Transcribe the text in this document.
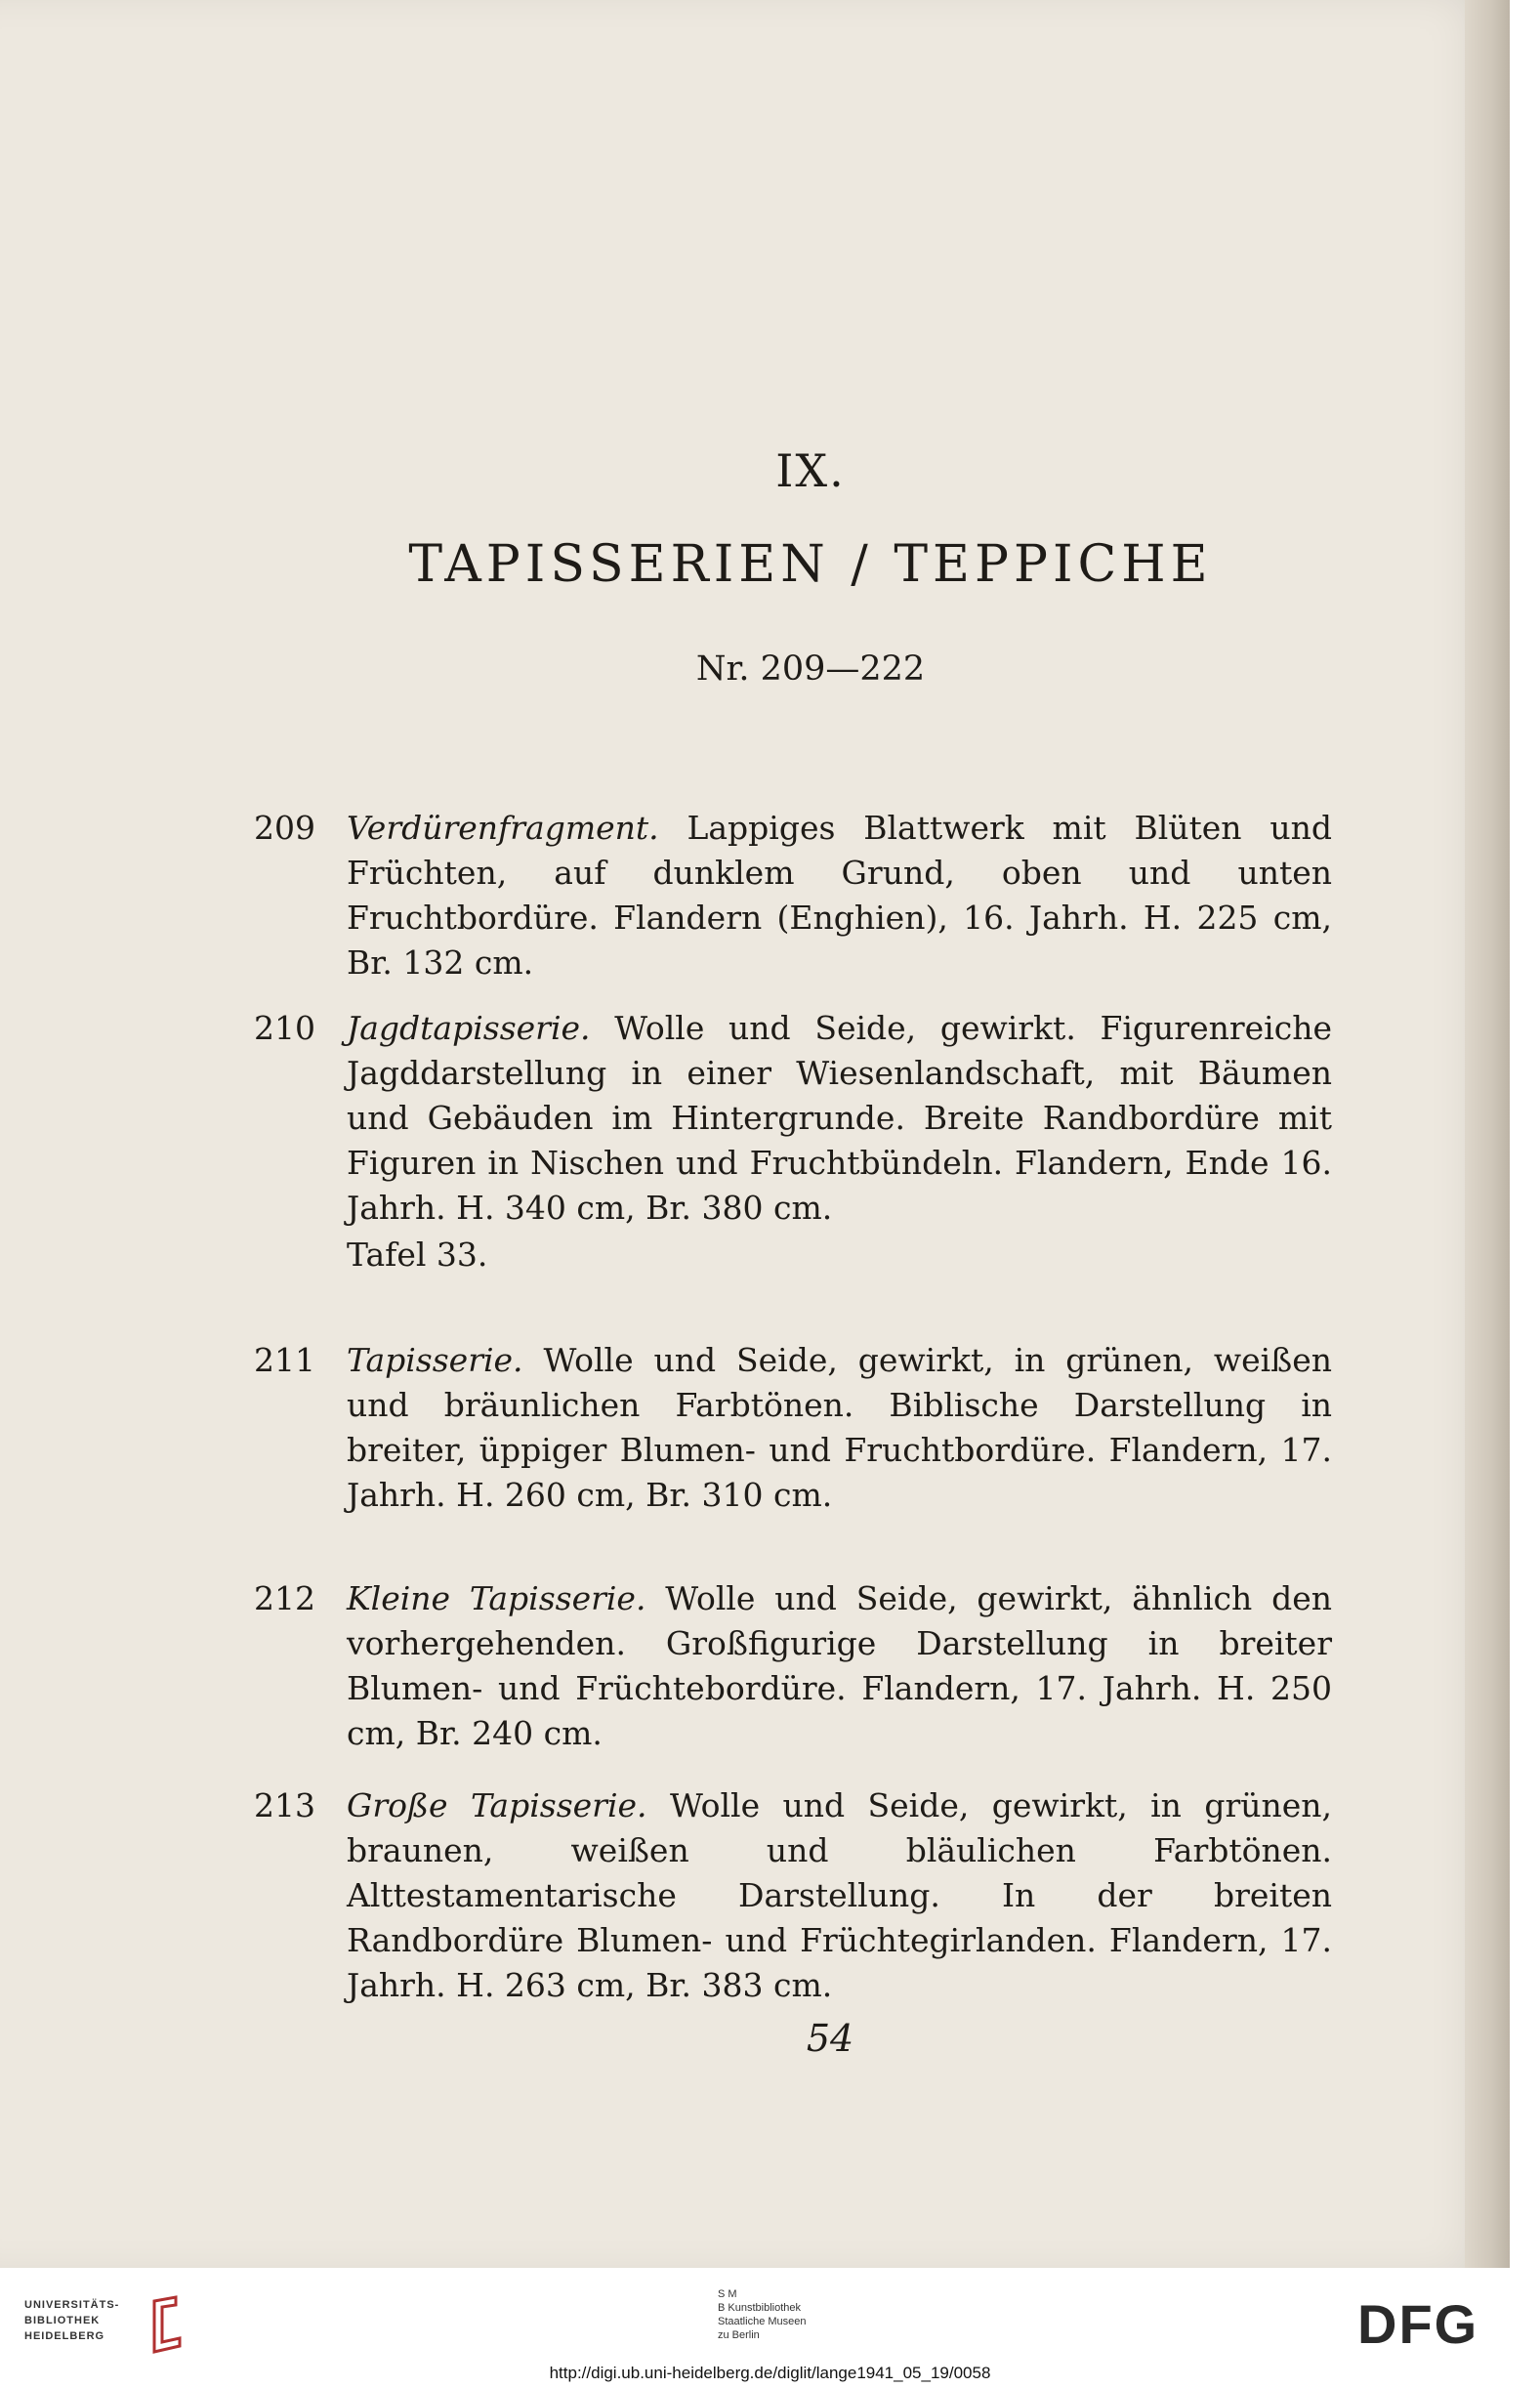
IX.
TAPISSERIEN / TEPPICHE
Nr. 209—222
209 Verdürenfragment. Lappiges Blattwerk mit Blüten und Früchten, auf dunklem Grund, oben und unten Fruchtbordüre. Flandern (Enghien), 16. Jahrh. H. 225 cm, Br. 132 cm.
210 Jagdtapisserie. Wolle und Seide, gewirkt. Figurenreiche Jagddarstellung in einer Wiesenlandschaft, mit Bäumen und Gebäuden im Hintergrunde. Breite Randbordüre mit Figuren in Nischen und Fruchtbündeln. Flandern, Ende 16. Jahrh. H. 340 cm, Br. 380 cm.
Tafel 33.
211 Tapisserie. Wolle und Seide, gewirkt, in grünen, weißen und bräunlichen Farbtönen. Biblische Darstellung in breiter, üppiger Blumen- und Fruchtbordüre. Flandern, 17. Jahrh. H. 260 cm, Br. 310 cm.
212 Kleine Tapisserie. Wolle und Seide, gewirkt, ähnlich den vorhergehenden. Großfigurige Darstellung in breiter Blumen- und Früchtebordüre. Flandern, 17. Jahrh. H. 250 cm, Br. 240 cm.
213 Große Tapisserie. Wolle und Seide, gewirkt, in grünen, braunen, weißen und bläulichen Farbtönen. Alttestamentarische Darstellung. In der breiten Randbordüre Blumen- und Früchtegirlanden. Flandern, 17. Jahrh. H. 263 cm, Br. 383 cm.
54
UNIVERSITÄTS-
BIBLIOTHEK
HEIDELBERG
S M
B Kunstbibliothek
Staatliche Museen
zu Berlin	DFG
http://digi.ub.uni-heidelberg.de/diglit/lange1941_05_19/0058
